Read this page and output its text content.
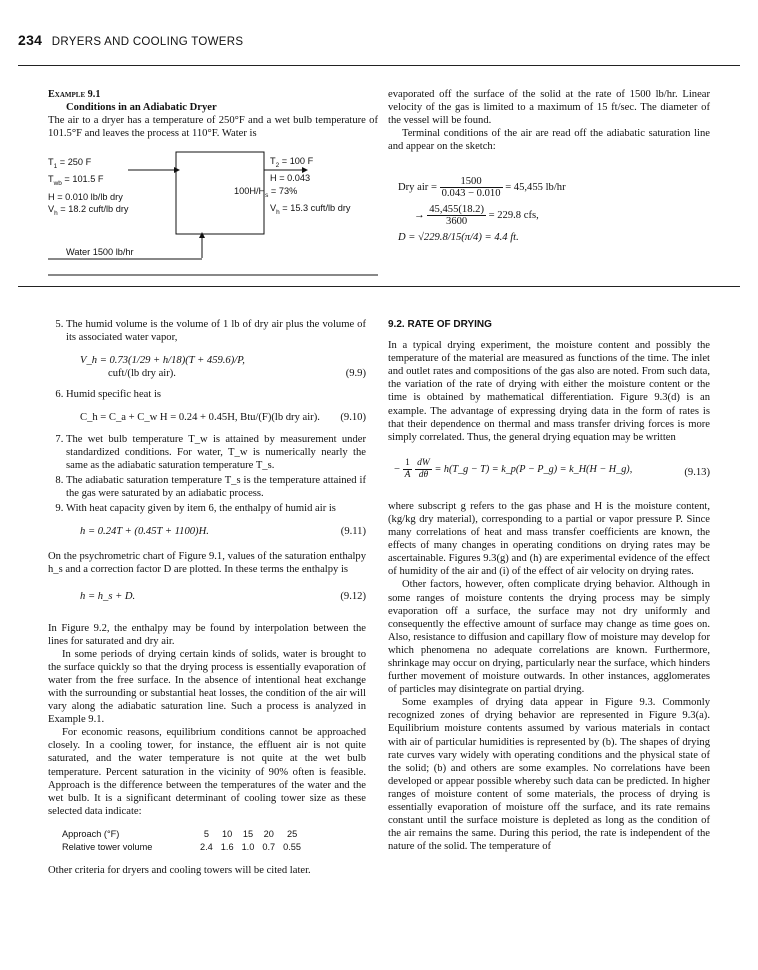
234 DRYERS AND COOLING TOWERS

Example 9.1

Conditions in an Adiabatic Dryer

The air to a dryer has a temperature of 250°F and a wet bulb temperature of 101.5°F and leaves the process at 110°F. Water is

$T_1 = 250$ F
$T_{wb} = 101.5$ F
H = 0.010 lb/lb dry
$V_h = 18.2$ cuft/lb dry
Water 1500 lb/hr
$T_2 = 100$ F
H = 0.043
$100H/H_s = 73\%$
$V_h = 15.3$ cuft/lb dry

evaporated off the surface of the solid at the rate of 1500 lb/hr. Linear velocity of the gas is limited to a maximum of 15 ft/sec. The diameter of the vessel will be found.

Terminal conditions of the air are read off the adiabatic saturation line and appear on the sketch:

Dry air = $\frac{1500}{0.043 - 0.010} = 45,455$ lb/hr
→ $\frac{45,455(18.2)}{3600} = 229.8$ cfs,
D = √229.8/15(π/4) = 4.4 ft.
5. The humid volume is the volume of 1 lb of dry air plus the volume of its associated water vapor,
V_h = 0.73(1/29 + h/18)(T + 459.6)/P,
cuft/(lb dry air).	(9.9)
6. Humid specific heat is
C_h = C_a + C_w H = 0.24 + 0.45H, Btu/(F)(lb dry air). (9.10)
7. The wet bulb temperature T_w is attained by measurement under standardized conditions. For water, T_w is numerically nearly the same as the adiabatic saturation temperature T_s.
8. The adiabatic saturation temperature T_s is the temperature attained if the gas were saturated by an adiabatic process.
9. With heat capacity given by item 6, the enthalpy of humid air is
h = 0.24T + (0.45T + 1100)H.	(9.11)

On the psychrometric chart of Figure 9.1, values of the saturation enthalpy h_s and a correction factor D are plotted. In these terms the enthalpy is

h = h_s + D.	(9.12)

In Figure 9.2, the enthalpy may be found by interpolation between the lines for saturated and dry air.

In some periods of drying certain kinds of solids, water is brought to the surface quickly so that the drying process is essentially evaporation of water from the free surface. In the absence of intentional heat exchange with the surrounding or substantial heat losses, the condition of the air will vary along the adiabatic saturation line. Such a process is analyzed in Example 9.1.

For economic reasons, equilibrium conditions cannot be approached closely. In a cooling tower, for instance, the effluent air is not quite saturated, and the water temperature is not quite at the wet bulb temperature. Percent saturation in the vicinity of 90% often is feasible. Approach is the difference between the temperatures of the water and the wet bulb. It is a significant determinant of cooling tower size as these selected data indicate:

Approach (°F)	5	10	15	20	25
Relative tower volume	2.4	1.6	1.0	0.7	0.55

Other criteria for dryers and cooling towers will be cited later.

9.2. RATE OF DRYING

In a typical drying experiment, the moisture content and possibly the temperature of the material are measured as functions of the time. The inlet and outlet rates and compositions of the gas also are noted. From such data, the variation of the rate of drying with either the moisture content or the time is obtained by mathematical differentiation. Figure 9.3(d) is an example. The advantage of expressing drying data in the form of rates is that their dependence on thermal and mass transfer driving forces is more simply correlated. Thus, the general drying equation may be written

− $\frac{1}{A}$
$\frac{dW}{d\theta}$ = h(T_g − T) = k_p(P − P_g) = k_H(H − H_g),	(9.13)

where subscript g refers to the gas phase and H is the moisture content, (kg/kg dry material), corresponding to a partial or vapor pressure P. Since many correlations of heat and mass transfer coefficients are known, the effects of many changes in operating conditions on drying rates may be ascertainable. Figures 9.3(g) and (h) are experimental evidence of the effect of humidity of the air and (i) of the effect of air velocity on drying rates.

Other factors, however, often complicate drying behavior. Although in some ranges of moisture contents the drying process may be simply evaporation off a surface, the surface may not dry uniformly and consequently the effective amount of surface may change as time goes on. Also, resistance to diffusion and capillary flow of moisture may develop for which phenomena no adequate correlations are known. Furthermore, shrinkage may occur on drying, particularly near the surface, which hinders further movement of moisture outwards. In other instances, agglomerates of particles may disintegrate on partial drying.

Some examples of drying data appear in Figure 9.3. Commonly recognized zones of drying behavior are represented in Figure 9.3(a). Equilibrium moisture contents assumed by various materials in contact with air of particular humidities is represented by (b). The shapes of drying rate curves vary widely with operating conditions and the physical state of the solid; (b) and others are some examples. No correlations have been developed or appear possible whereby such data can be predicted. In higher ranges of moisture content of some materials, the process of drying is essentially evaporation of moisture off the surface, and its rate remains constant until the surface moisture is depleted as long as the condition of the air remains the same. During this period, the rate is independent of the nature of the solid. The temperature of
